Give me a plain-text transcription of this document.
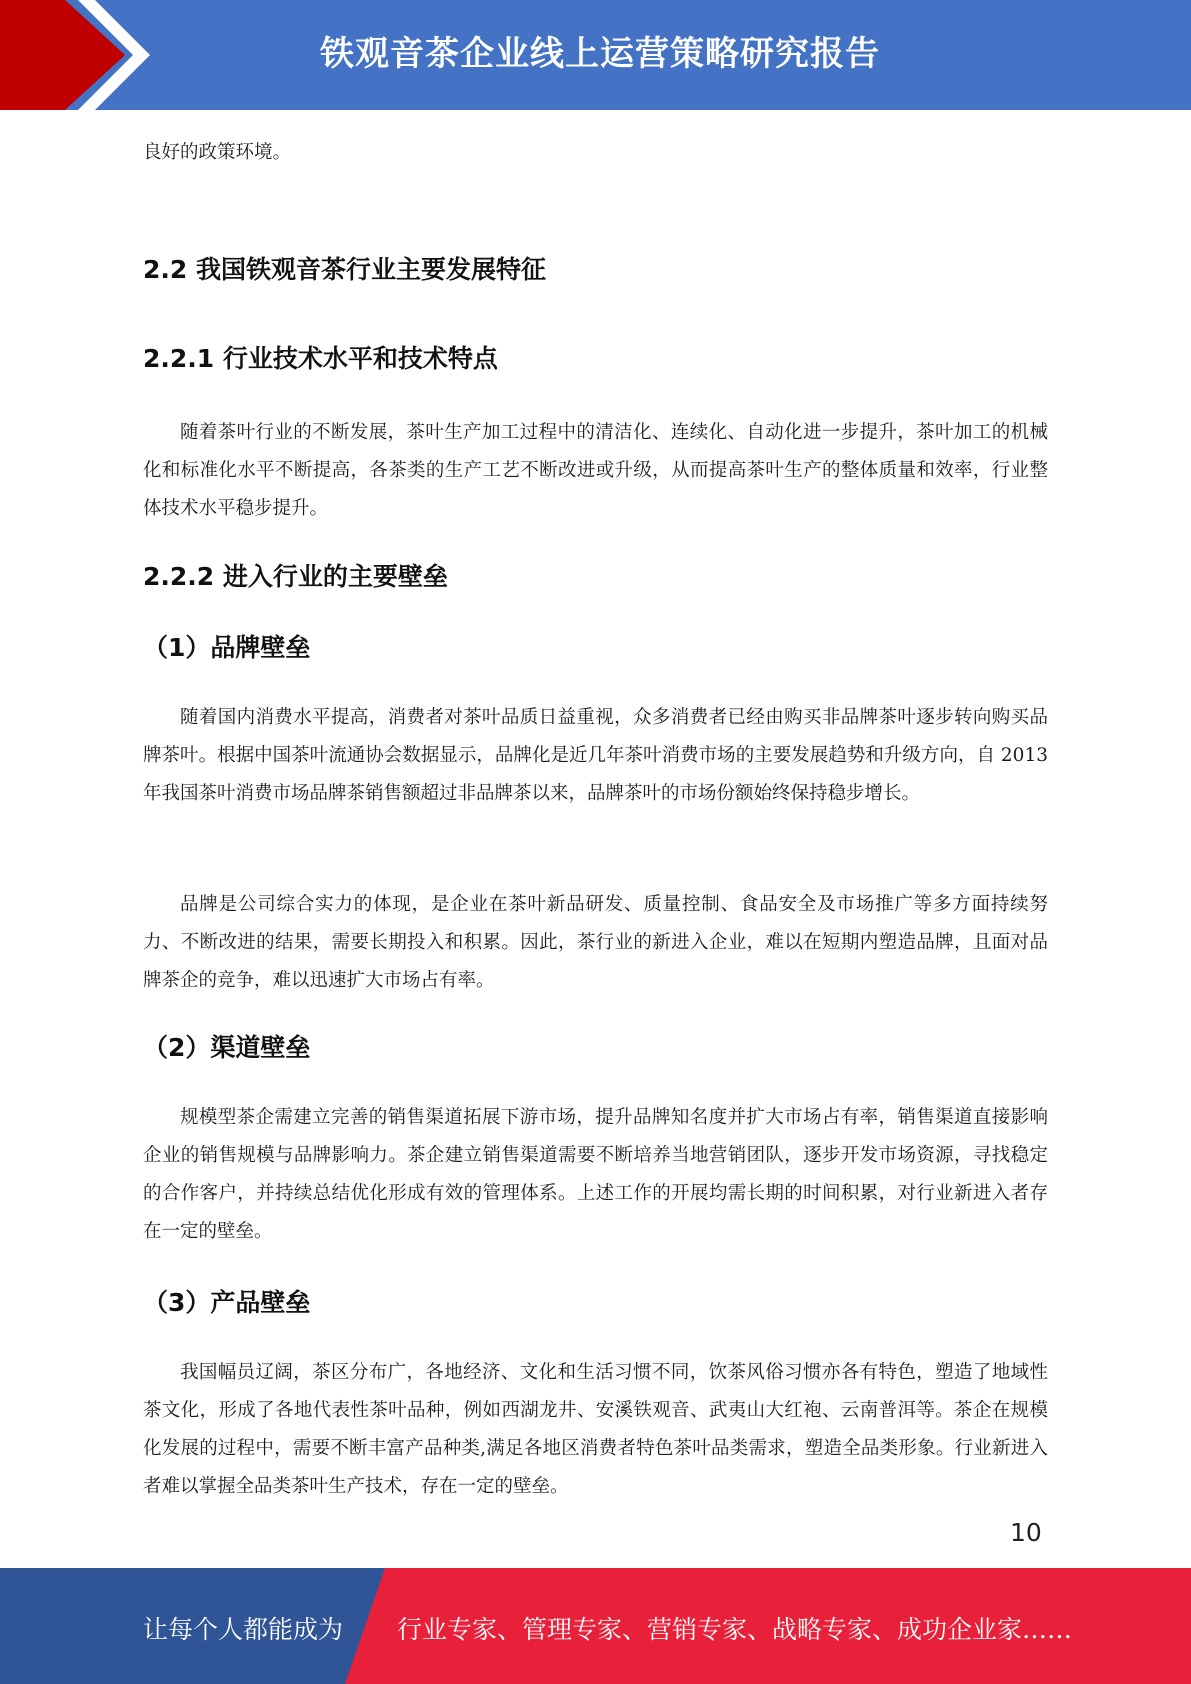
铁观音茶企业线上运营策略研究报告

良好的政策环境。

2.2 我国铁观音茶行业主要发展特征
2.2.1 行业技术水平和技术特点

随着茶叶行业的不断发展，茶叶生产加工过程中的清洁化、连续化、自动化进一步提升，茶叶加工的机械化和标准化水平不断提高，各茶类的生产工艺不断改进或升级，从而提高茶叶生产的整体质量和效率，行业整体技术水平稳步提升。

2.2.2 进入行业的主要壁垒
（1）品牌壁垒

随着国内消费水平提高，消费者对茶叶品质日益重视，众多消费者已经由购买非品牌茶叶逐步转向购买品牌茶叶。根据中国茶叶流通协会数据显示，品牌化是近几年茶叶消费市场的主要发展趋势和升级方向，自 2013 年我国茶叶消费市场品牌茶销售额超过非品牌茶以来，品牌茶叶的市场份额始终保持稳步增长。

品牌是公司综合实力的体现，是企业在茶叶新品研发、质量控制、食品安全及市场推广等多方面持续努力、不断改进的结果，需要长期投入和积累。因此，茶行业的新进入企业，难以在短期内塑造品牌，且面对品牌茶企的竞争，难以迅速扩大市场占有率。

（2）渠道壁垒

规模型茶企需建立完善的销售渠道拓展下游市场，提升品牌知名度并扩大市场占有率，销售渠道直接影响企业的销售规模与品牌影响力。茶企建立销售渠道需要不断培养当地营销团队，逐步开发市场资源，寻找稳定的合作客户，并持续总结优化形成有效的管理体系。上述工作的开展均需长期的时间积累，对行业新进入者存在一定的壁垒。

（3）产品壁垒

我国幅员辽阔，茶区分布广，各地经济、文化和生活习惯不同，饮茶风俗习惯亦各有特色，塑造了地域性茶文化，形成了各地代表性茶叶品种，例如西湖龙井、安溪铁观音、武夷山大红袍、云南普洱等。茶企在规模化发展的过程中，需要不断丰富产品种类,满足各地区消费者特色茶叶品类需求，塑造全品类形象。行业新进入者难以掌握全品类茶叶生产技术，存在一定的壁垒。

10
让每个人都能成为 行业专家、管理专家、营销专家、战略专家、成功企业家……
